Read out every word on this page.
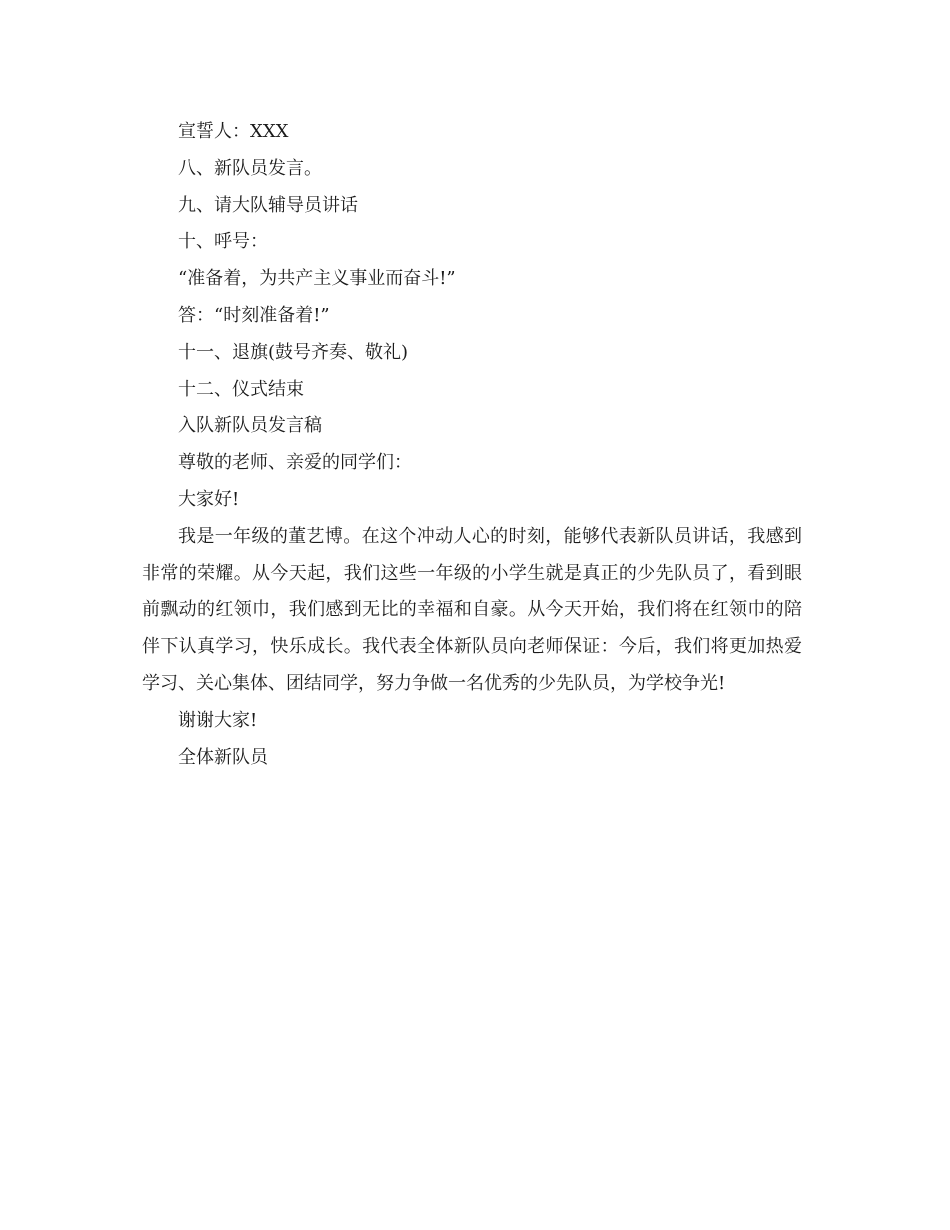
宣誓人：XXX
八、新队员发言。
九、请大队辅导员讲话
十、呼号：
“准备着，为共产主义事业而奋斗!”
答：“时刻准备着!”
十一、退旗(鼓号齐奏、敬礼)
十二、仪式结束
入队新队员发言稿
尊敬的老师、亲爱的同学们：
大家好!
我是一年级的董艺博。在这个冲动人心的时刻，能够代表新队员讲话，我感到非常的荣耀。从今天起，我们这些一年级的小学生就是真正的少先队员了，看到眼前飘动的红领巾，我们感到无比的幸福和自豪。从今天开始，我们将在红领巾的陪伴下认真学习，快乐成长。我代表全体新队员向老师保证：今后，我们将更加热爱学习、关心集体、团结同学，努力争做一名优秀的少先队员，为学校争光!
谢谢大家!
全体新队员
